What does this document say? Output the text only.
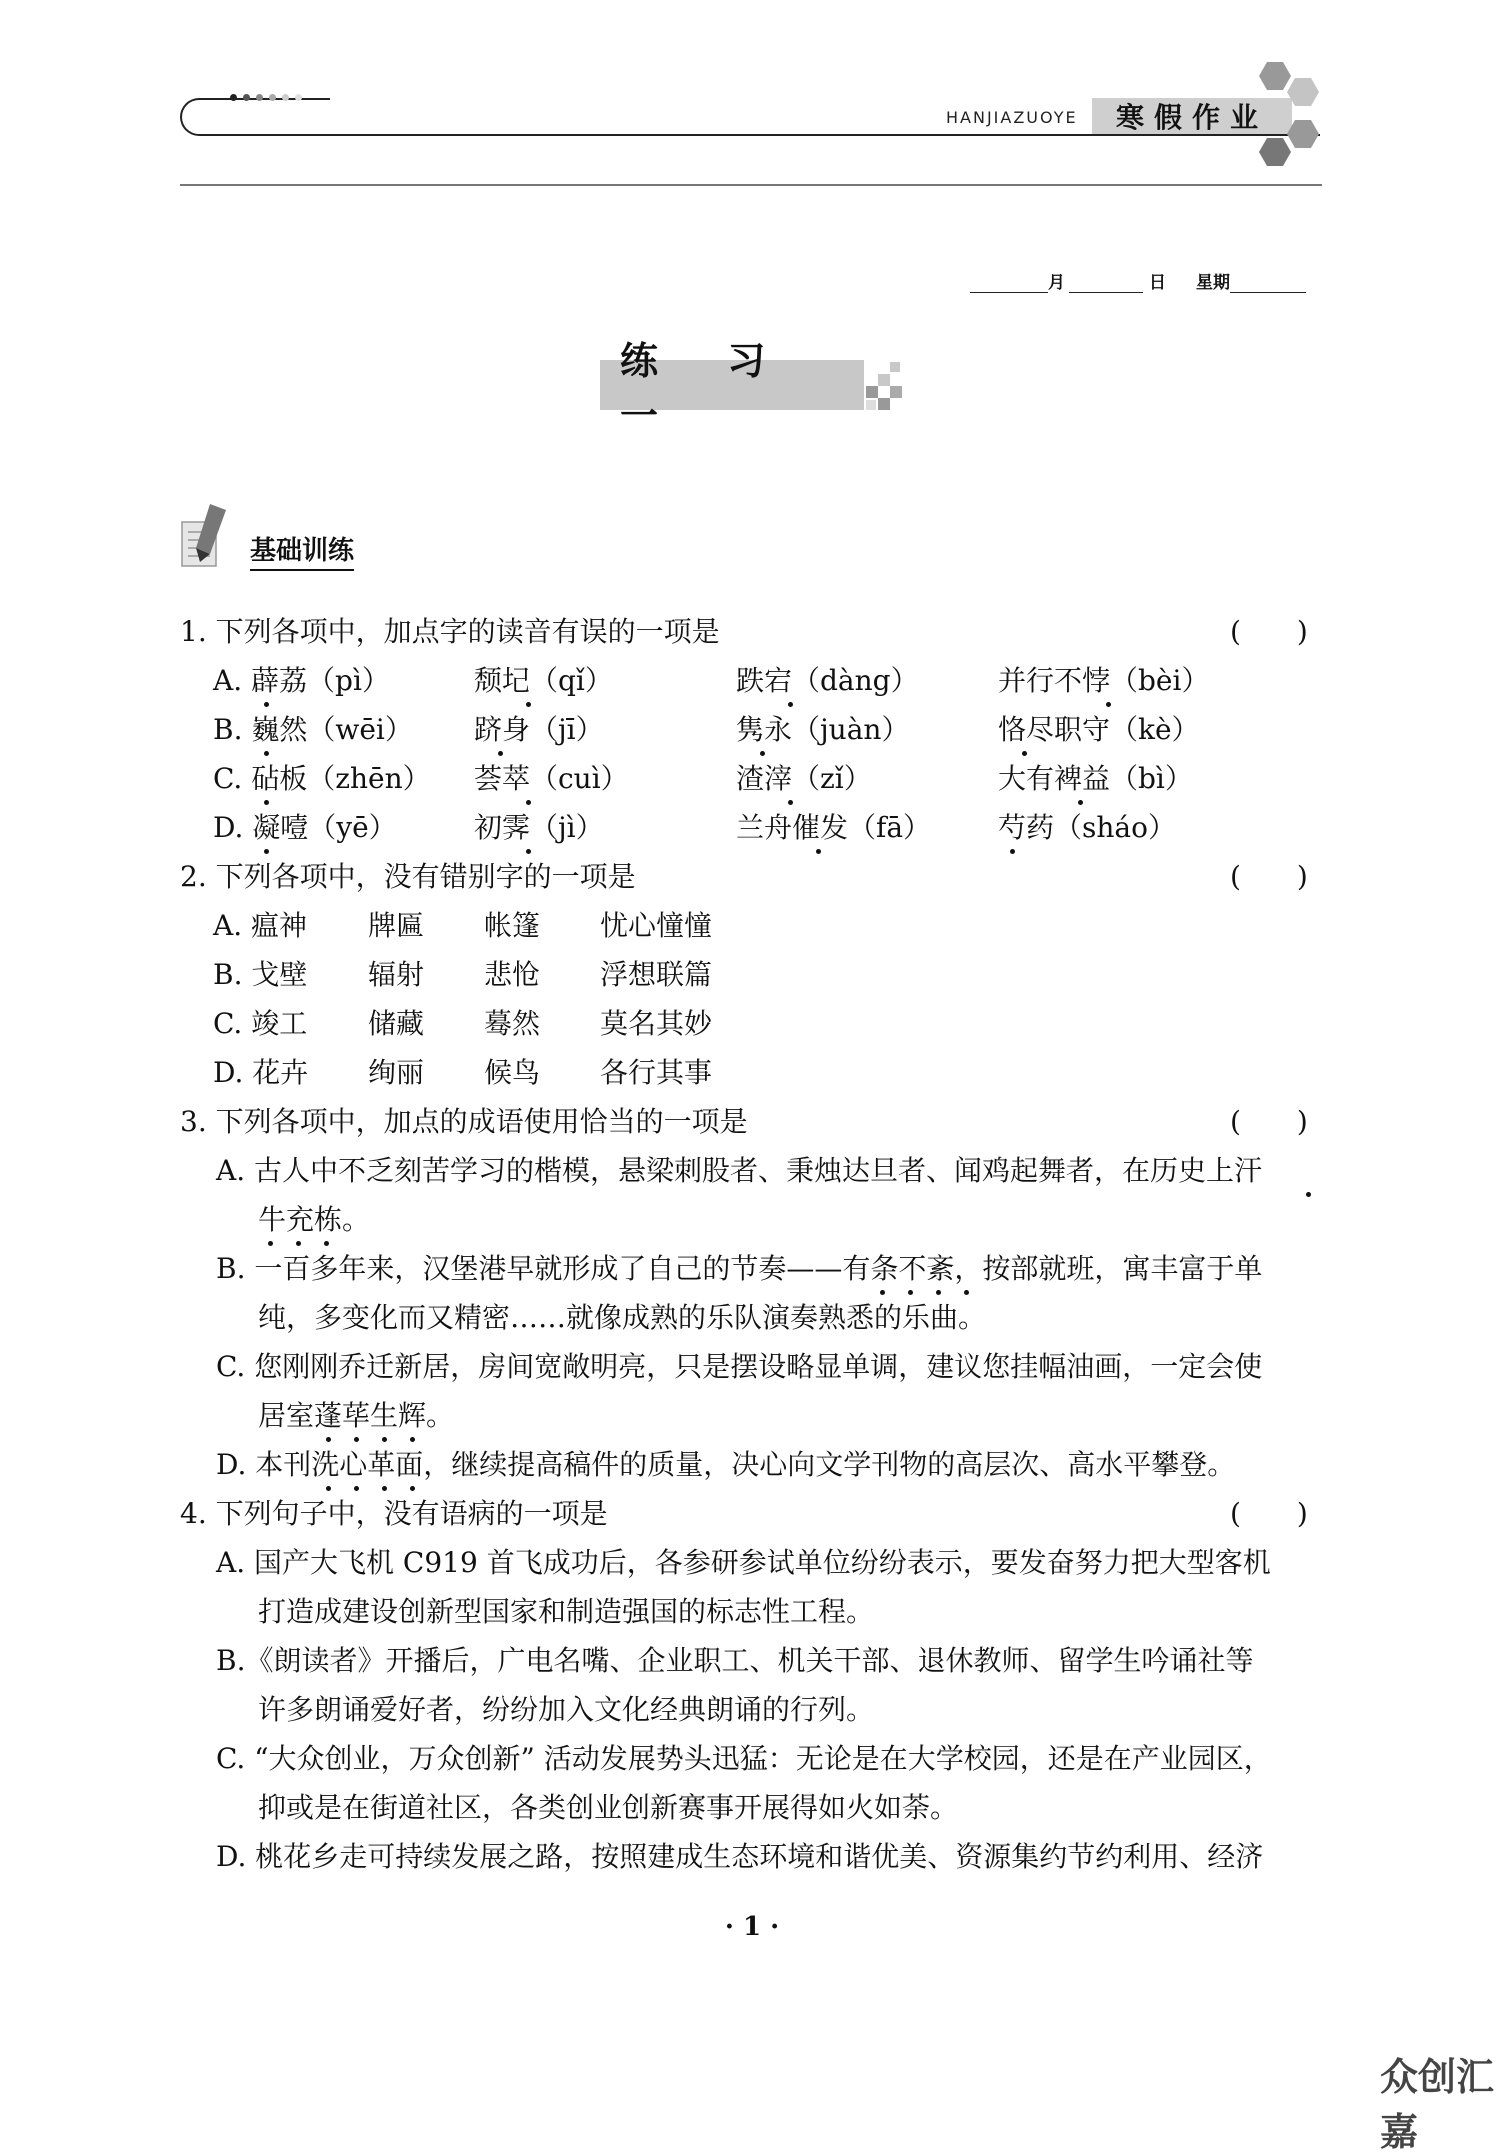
HANJIAZUOYE	寒假作业
月	日 星期
练 习 一
基础训练
1. 下列各项中，加点字的读音有误的一项是	(　　)
A. 薜荔（pì）	颓圮（qǐ）	跌宕（dàng）	并行不悖（bèi）
B. 巍然（wēi） 跻身（jī）	隽永（juàn）	恪尽职守（kè）
C. 砧板（zhēn） 荟萃（cuì）	渣滓（zǐ）	大有裨益（bì）
D. 凝噎（yē）	初霁（jì）	兰舟催发（fā） 芍药（sháo）
2. 下列各项中，没有错别字的一项是	(　　)
A. 瘟神 牌匾 帐篷 忧心憧憧
B. 戈壁 辐射 悲怆 浮想联篇
C. 竣工 储藏 蓦然 莫名其妙
D. 花卉 绚丽 候鸟 各行其事
3. 下列各项中，加点的成语使用恰当的一项是	(　　)
A. 古人中不乏刻苦学习的楷模，悬梁刺股者、秉烛达旦者、闻鸡起舞者，在历史上汗
牛充栋。
B. 一百多年来，汉堡港早就形成了自己的节奏——有条不紊，按部就班，寓丰富于单
纯，多变化而又精密……就像成熟的乐队演奏熟悉的乐曲。
C. 您刚刚乔迁新居，房间宽敞明亮，只是摆设略显单调，建议您挂幅油画，一定会使
居室蓬荜生辉。
D. 本刊洗心革面，继续提高稿件的质量，决心向文学刊物的高层次、高水平攀登。
4. 下列句子中，没有语病的一项是	(　　)
A. 国产大飞机 C919 首飞成功后，各参研参试单位纷纷表示，要发奋努力把大型客机
打造成建设创新型国家和制造强国的标志性工程。
B.《朗读者》开播后，广电名嘴、企业职工、机关干部、退休教师、留学生吟诵社等
许多朗诵爱好者，纷纷加入文化经典朗诵的行列。
C. “大众创业，万众创新” 活动发展势头迅猛：无论是在大学校园，还是在产业园区，
抑或是在街道社区，各类创业创新赛事开展得如火如荼。
D. 桃花乡走可持续发展之路，按照建成生态环境和谐优美、资源集约节约利用、经济
· 1 ·
众创汇嘉
